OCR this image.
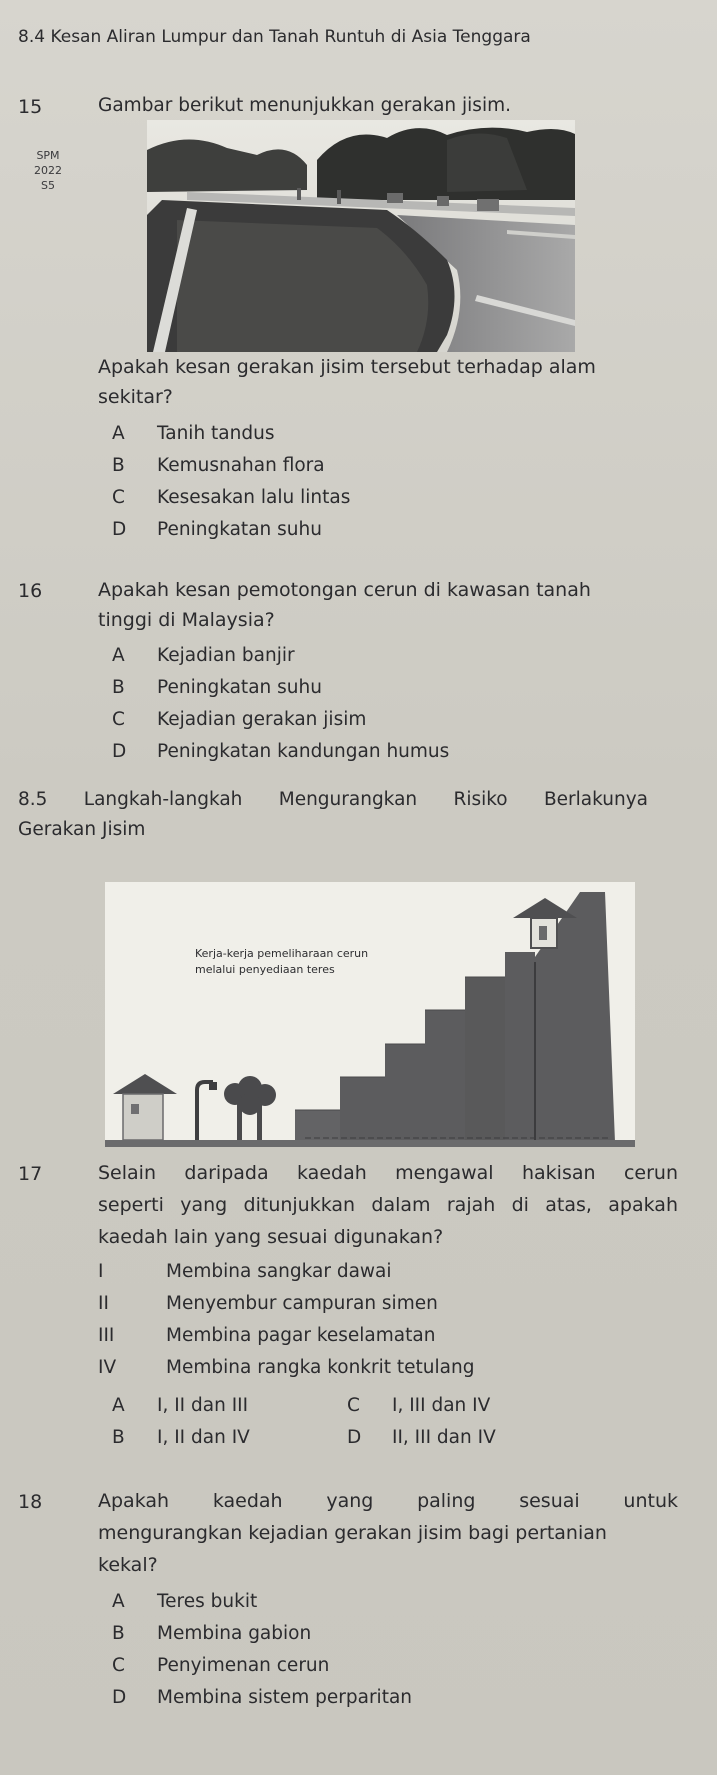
8.4 Kesan Aliran Lumpur dan Tanah Runtuh di Asia Tenggara
15	Gambar berikut menunjukkan gerakan jisim.
SPM
2022
S5
Apakah kesan gerakan jisim tersebut terhadap alam
sekitar?
A	Tanih tandus
B	Kemusnahan flora
C	Kesesakan lalu lintas
D	Peningkatan suhu
16	Apakah kesan pemotongan cerun di kawasan tanah
tinggi di Malaysia?
A	Kejadian banjir
B	Peningkatan suhu
C	Kejadian gerakan jisim
D	Peningkatan kandungan humus
8.5 Langkah-langkah Mengurangkan Risiko Berlakunya
Gerakan Jisim
Kerja-kerja pemeliharaan cerun
melalui penyediaan teres
17	Selain daripada kaedah mengawal hakisan cerun
seperti yang ditunjukkan dalam rajah di atas, apakah
kaedah lain yang sesuai digunakan?
I	Membina sangkar dawai
II	Menyembur campuran simen
III	Membina pagar keselamatan
IV	Membina rangka konkrit tetulang
A	I, II dan III	C	I, III dan IV
B	I, II dan IV	D	II, III dan IV
18	Apakah kaedah yang paling sesuai untuk
mengurangkan kejadian gerakan jisim bagi pertanian
kekal?
A	Teres bukit
B	Membina gabion
C	Penyimenan cerun
D	Membina sistem perparitan
